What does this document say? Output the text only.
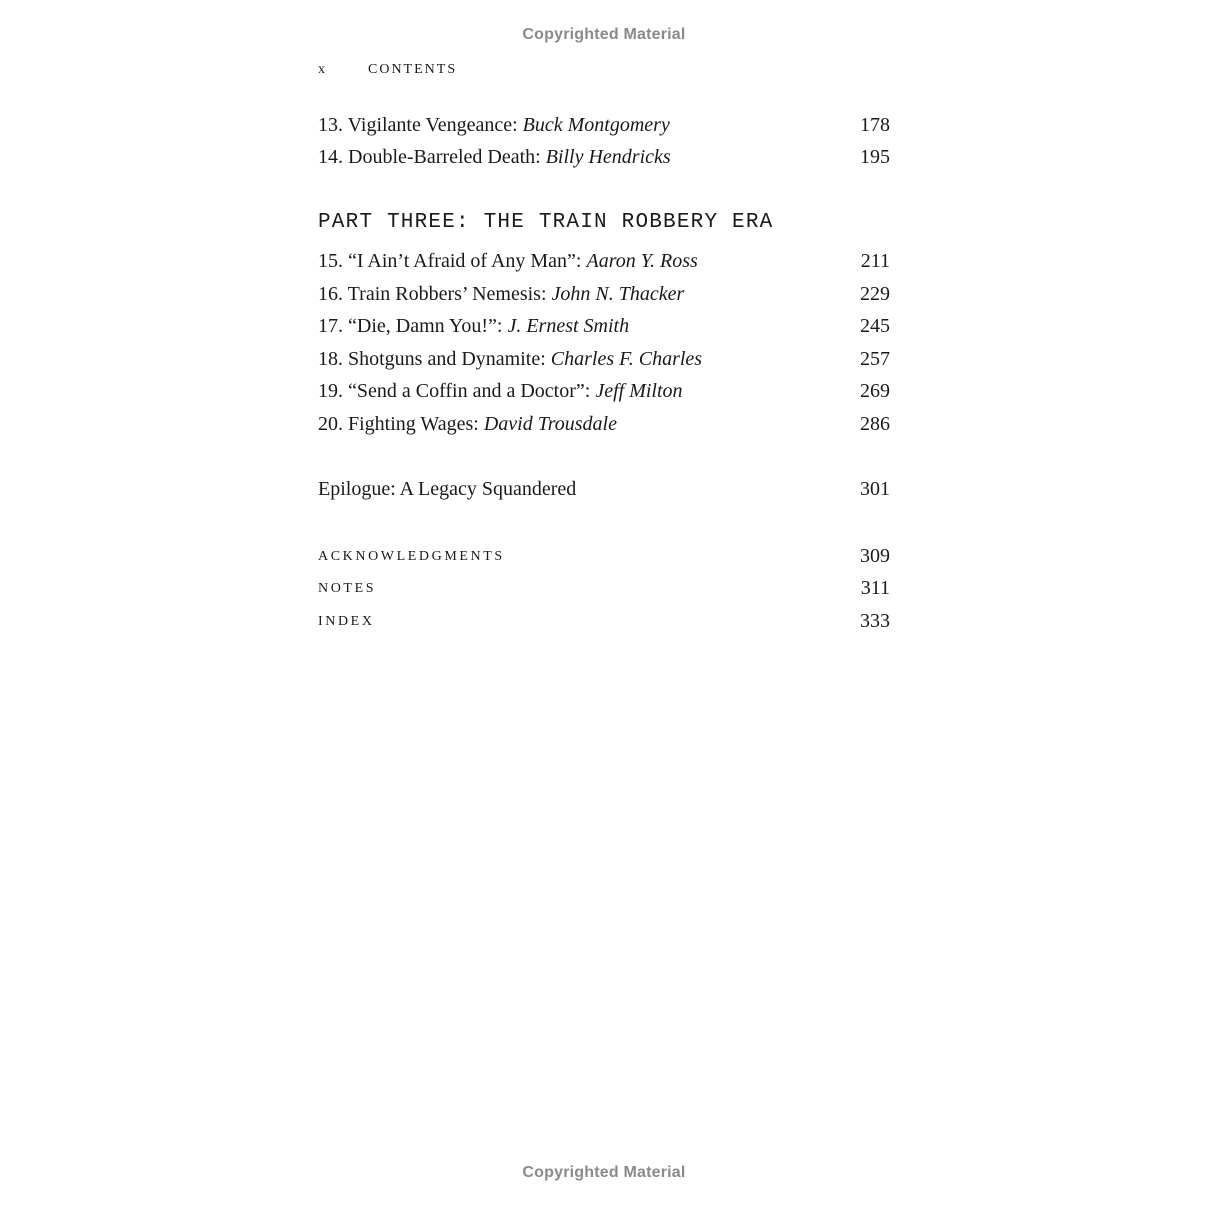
Copyrighted Material
x	CONTENTS
13. Vigilante Vengeance: Buck Montgomery	178
14. Double-Barreled Death: Billy Hendricks	195
PART THREE: THE TRAIN ROBBERY ERA
15. “I Ain’t Afraid of Any Man”: Aaron Y. Ross	211
16. Train Robbers’ Nemesis: John N. Thacker	229
17. “Die, Damn You!”: J. Ernest Smith	245
18. Shotguns and Dynamite: Charles F. Charles	257
19. “Send a Coffin and a Doctor”: Jeff Milton	269
20. Fighting Wages: David Trousdale	286
Epilogue: A Legacy Squandered	301
ACKNOWLEDGMENTS	309
NOTES	311
INDEX	333
Copyrighted Material
